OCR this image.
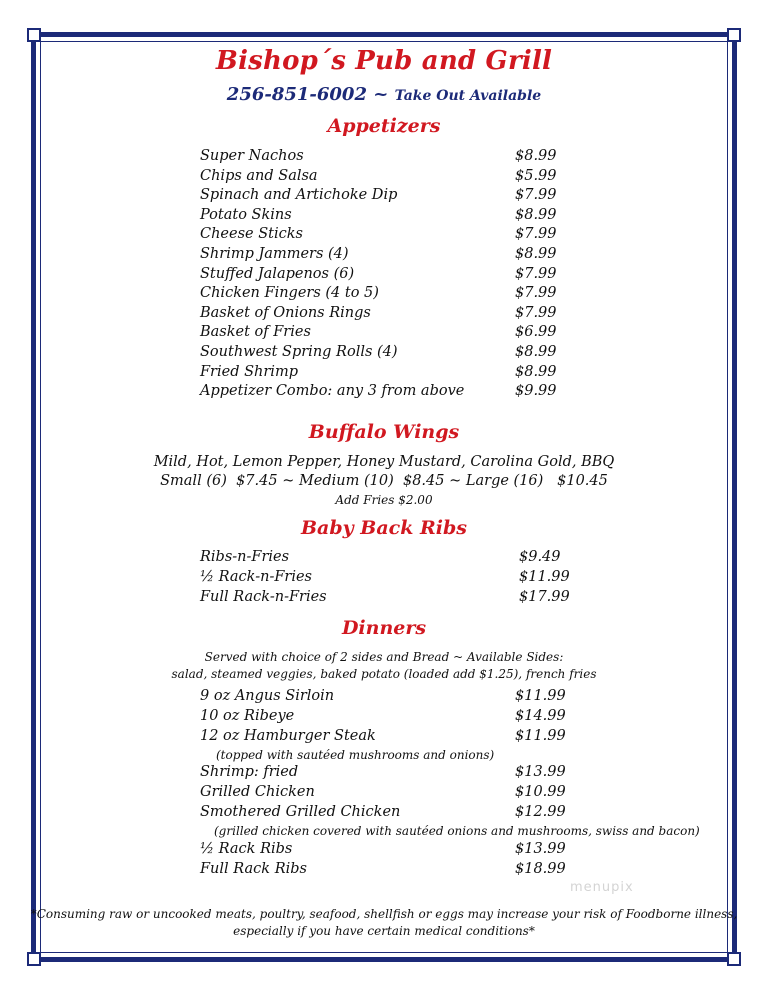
Bishop´s Pub and Grill
256-851-6002 ~ Take Out Available
Appetizers
Super Nachos	$8.99
Chips and Salsa	$5.99
Spinach and Artichoke Dip	$7.99
Potato Skins	$8.99
Cheese Sticks	$7.99
Shrimp Jammers (4)	$8.99
Stuffed Jalapenos (6)	$7.99
Chicken Fingers (4 to 5)	$7.99
Basket of Onions Rings	$7.99
Basket of Fries	$6.99
Southwest Spring Rolls (4)	$8.99
Fried Shrimp	$8.99
Appetizer Combo: any 3 from above	$9.99
Buffalo Wings
Mild, Hot, Lemon Pepper, Honey Mustard, Carolina Gold, BBQ
Small (6)  $7.45 ~ Medium (10)  $8.45 ~ Large (16)   $10.45
Add Fries $2.00
Baby Back Ribs
Ribs-n-Fries	$9.49
½ Rack-n-Fries	$11.99
Full Rack-n-Fries	$17.99
Dinners
Served with choice of 2 sides and Bread ~ Available Sides:
salad, steamed veggies, baked potato (loaded add $1.25), french fries
9 oz Angus Sirloin	$11.99
10 oz Ribeye	$14.99
12 oz Hamburger Steak	$11.99
Shrimp: fried	$13.99
Grilled Chicken	$10.99
Smothered Grilled Chicken	$12.99
½ Rack Ribs	$13.99
Full Rack Ribs	$18.99
(topped with sautéed mushrooms and onions)
(grilled chicken covered with sautéed onions and mushrooms, swiss and bacon)
*Consuming raw or uncooked meats, poultry, seafood, shellfish or eggs may increase your risk of Foodborne illness,
especially if you have certain medical conditions*
menupix
